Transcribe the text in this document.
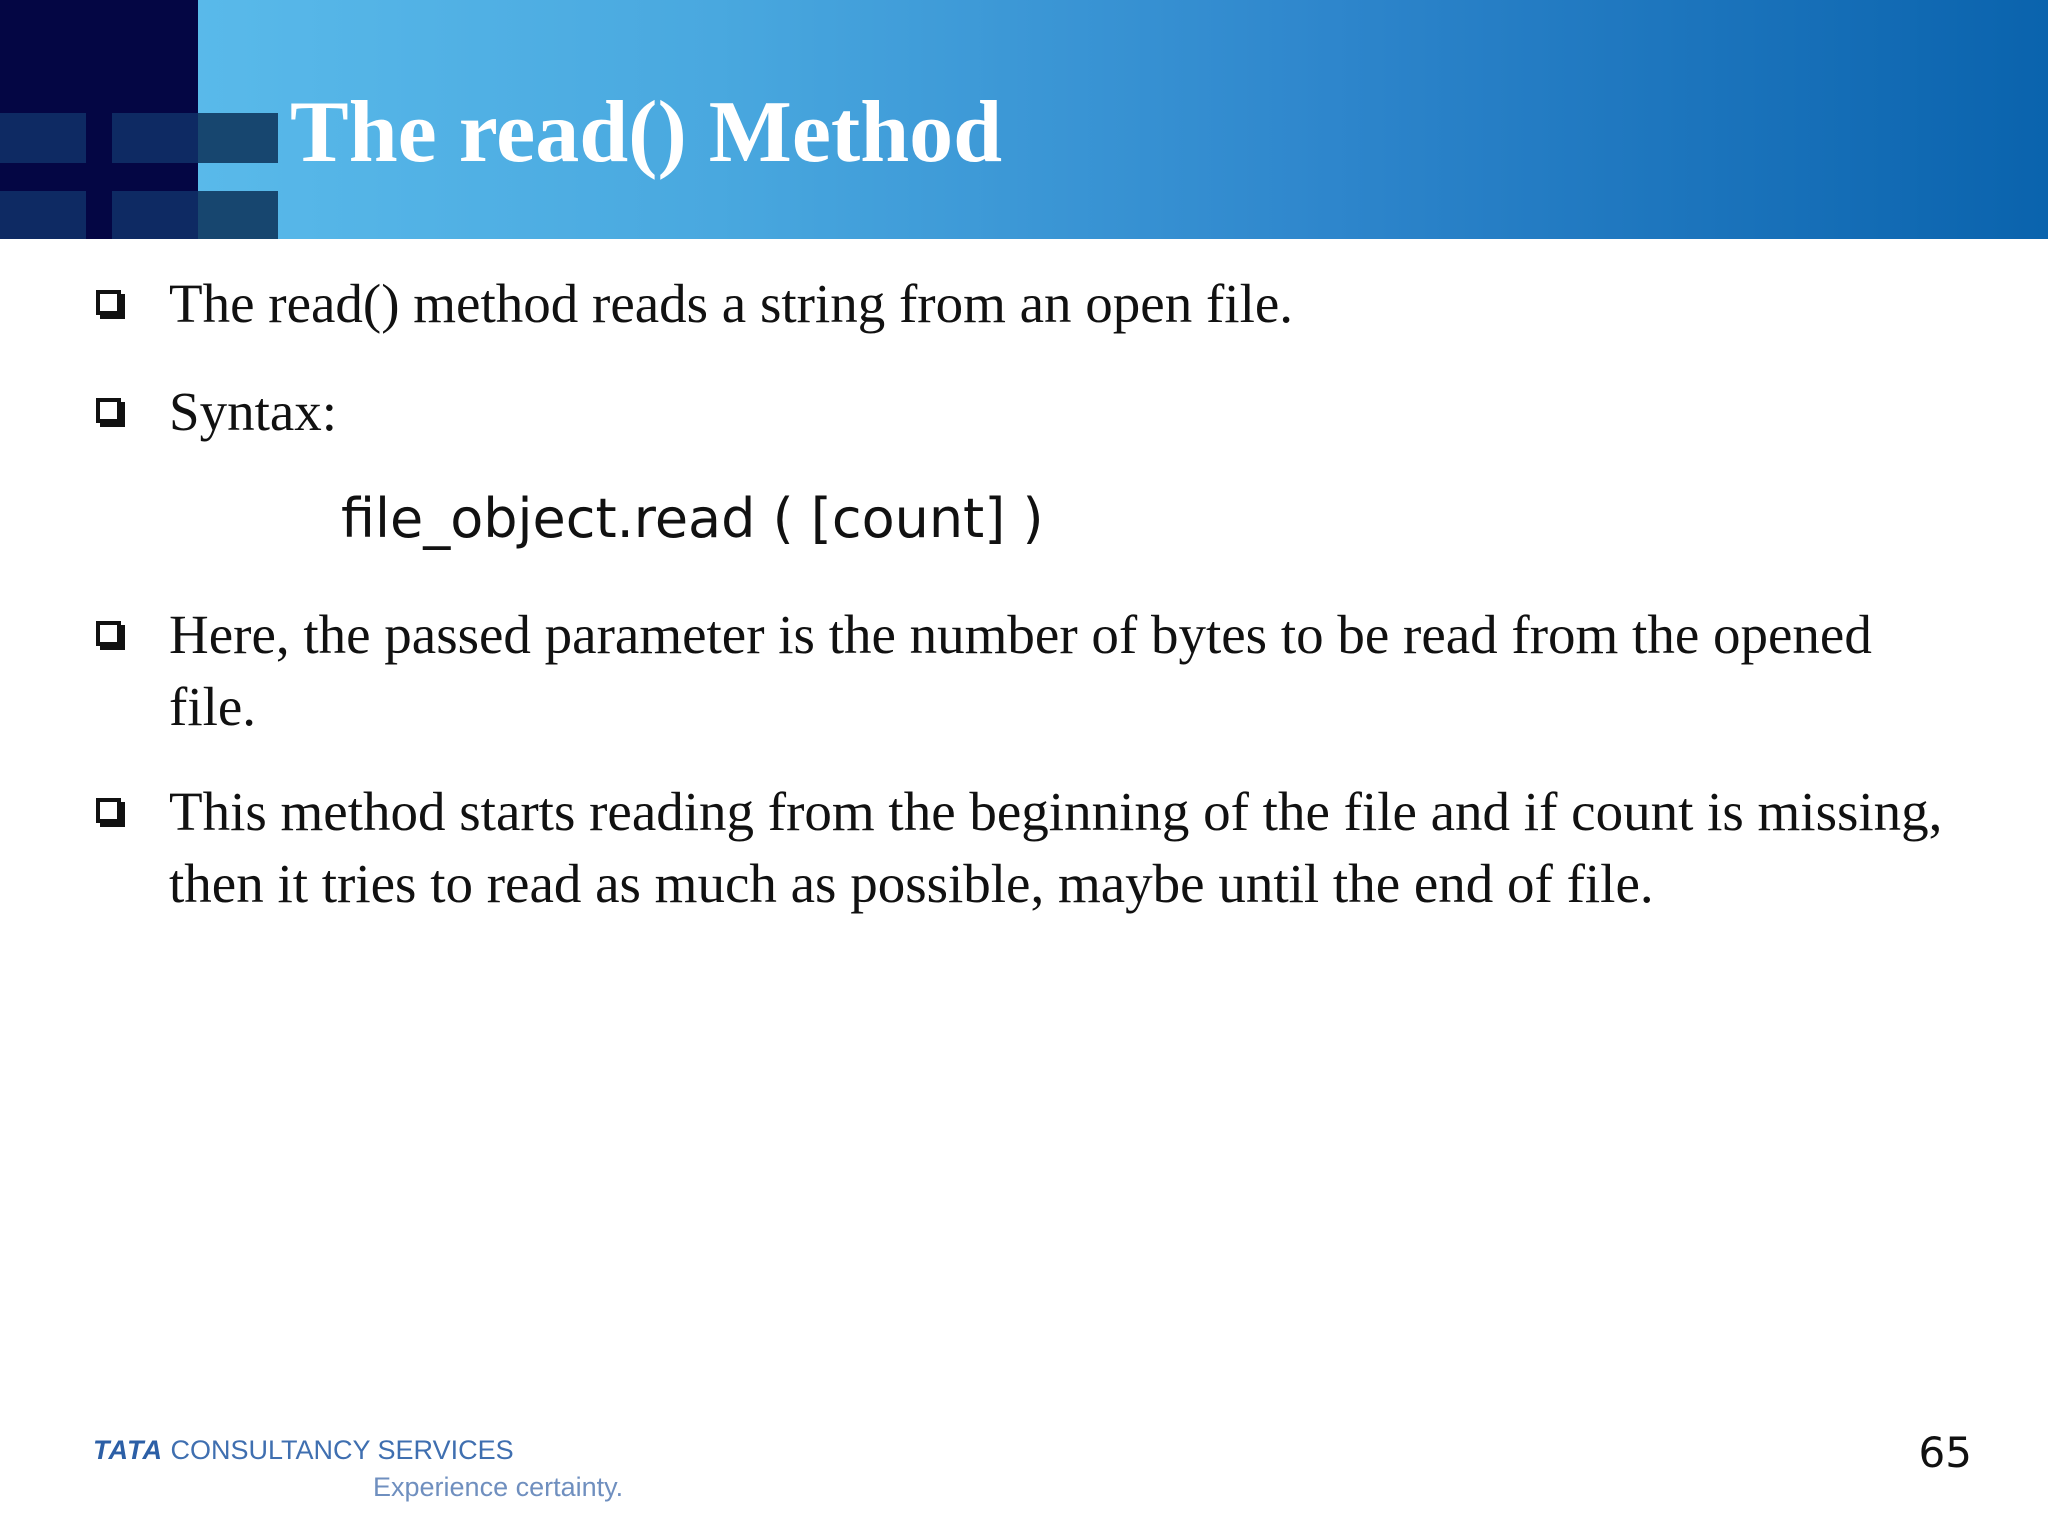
The read() Method
The read() method reads a string from an open file.
Syntax:
file_object.read ( [count] )
Here, the passed parameter is the number of bytes to be read from the opened file.
This method starts reading from the beginning of the file and if count is missing, then it tries to read as much as possible, maybe until the end of file.
TATA CONSULTANCY SERVICES
Experience certainty.
65
